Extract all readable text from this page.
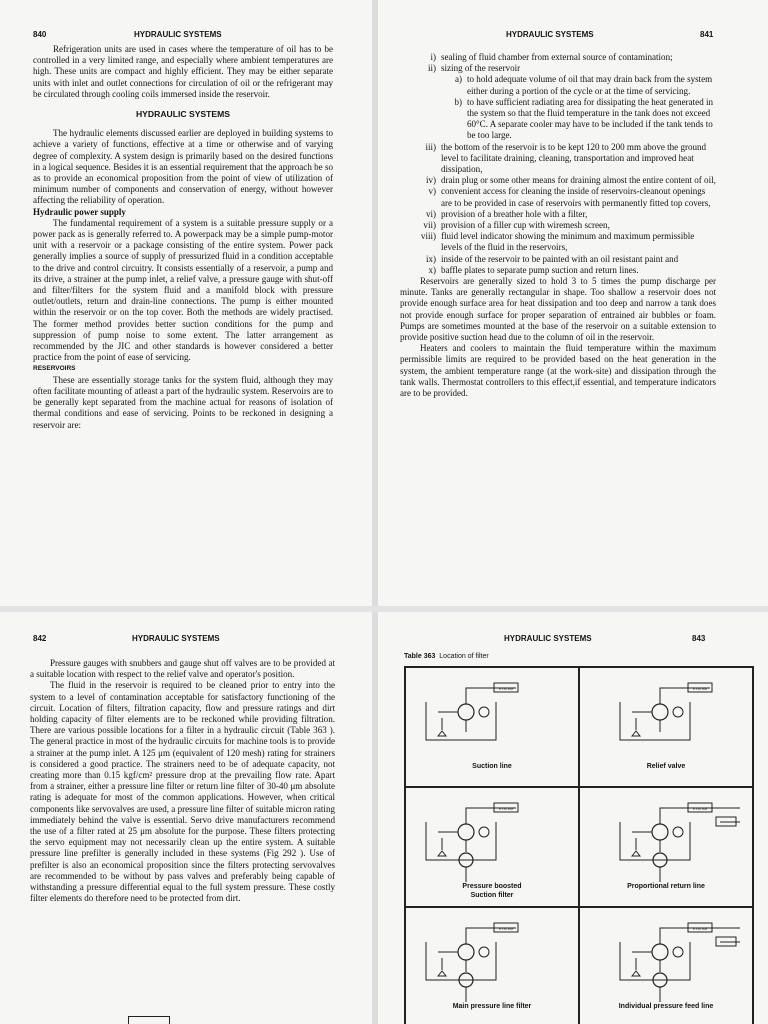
840	HYDRAULIC SYSTEMS

Refrigeration units are used in cases where the temperature of oil has to be controlled in a very limited range, and especially where ambient temperatures are high. These units are compact and highly efficient. They may be either separate units with inlet and outlet connections for circulation of oil or the refrigerant may be circulated through cooling coils immersed inside the reservoir.

HYDRAULIC SYSTEMS

The hydraulic elements discussed earlier are deployed in building systems to achieve a variety of functions, effective at a time or otherwise and of varying degree of complexity. A system design is primarily based on the desired functions in a logical sequence. Besides it is an essential requirement that the approach be so as to provide an economical proposition from the point of view of utilization of minimum number of components and conservation of energy, without however affecting the reliability of operation.

Hydraulic power supply

The fundamental requirement of a system is a suitable pressure supply or a power pack as is generally referred to. A powerpack may be a simple pump-motor unit with a reservoir or a package consisting of the entire system. Power pack generally implies a source of supply of pressurized fluid in a condition acceptable to the drive and control circuitry. It consists essentially of a reservoir, a pump and its drive, a strainer at the pump inlet, a relief valve, a pressure gauge with shut-off and filter/filters for the system fluid and a manifold block with pressure outlet/outlets, return and drain-line connections. The pump is either mounted within the reservoir or on the top cover. Both the methods are widely practised. The former method provides better suction conditions for the pump and suppression of pump noise to some extent. The latter arrangement as recommended by the JIC and other standards is however considered a better practice from the point of ease of servicing.

RESERVOIRS

These are essentially storage tanks for the system fluid, although they may often facilitate mounting of atleast a part of the hydraulic system. Reservoirs are to be generally kept separated from the machine actual for reasons of isolation of thermal conditions and ease of servicing. Points to be reckoned in designing a reservoir are:

HYDRAULIC SYSTEMS	841
i) sealing of fluid chamber from external source of contamination;
ii) sizing of the reservoir
a) to hold adequate volume of oil that may drain back from the system either during a portion of the cycle or at the time of servicing.
b) to have sufficient radiating area for dissipating the heat generated in the system so that the fluid temperature in the tank does not exceed 60°C. A separate cooler may have to be included if the tank tends to be too large.
iii) the bottom of the reservoir is to be kept 120 to 200 mm above the ground level to facilitate draining, cleaning, transportation and improved heat dissipation,
iv) drain plug or some other means for draining almost the entire content of oil,
v) convenient access for cleaning the inside of reservoirs-cleanout openings are to be provided in case of reservoirs with permanently fitted top covers,
vi) provision of a breather hole with a filter,
vii) provision of a filler cup with wiremesh screen,
viii) fluid level indicator showing the minimum and maximum permissible levels of the fluid in the reservoirs,
ix) inside of the reservoir to be painted with an oil resistant paint and
x) baffle plates to separate pump suction and return lines.

Reservoirs are generally sized to hold 3 to 5 times the pump discharge per minute. Tanks are generally rectangular in shape. Too shallow a reservoir does not provide enough surface area for heat dissipation and too deep and narrow a tank does not provide enough surface for proper separation of entrained air bubbles or foam. Pumps are sometimes mounted at the base of the reservoir on a suitable extension to provide positive suction head due to the column of oil in the reservoir.

Heaters and coolers to maintain the fluid temperature within the maximum permissible limits are required to be provided based on the heat generation in the system, the ambient temperature range (at the work-site) and dissipation through the tank walls. Thermostat controllers to this effect,if essential, and temperature indicators are to be provided.

842	HYDRAULIC SYSTEMS

Pressure gauges with snubbers and gauge shut off valves are to be provided at a suitable location with respect to the relief valve and operator's position.

The fluid in the reservoir is required to be cleaned prior to entry into the system to a level of contamination acceptable for satisfactory functioning of the circuit. Location of filters, filtration capacity, flow and pressure ratings and dirt holding capacity of filter elements are to be reckoned while providing filtration. There are various possible locations for a filter in a hydraulic circuit (Table 363 ). The general practice in most of the hydraulic circuits for machine tools is to provide a strainer at the pump inlet. A 125 μm (equivalent of 120 mesh) rating for strainers is considered a good practice. The strainers need to be of adequate capacity, not creating more than 0.15 kgf/cm² pressure drop at the prevailing flow rate. Apart from a strainer, either a pressure line filter or return line filter of 30-40 μm absolute rating is adequate for most of the common applications. However, when critical components like servovalves are used, a pressure line filter of suitable micron rating immediately behind the valve is essential. Servo drive manufacturers recommend the use of a filter rated at 25 μm absolute for the purpose. These filters protecting the servo equipment may not necessarily clean up the entire system. A suitable pressure line prefilter is generally included in these systems (Fig 292 ). Use of prefilter is also an economical proposition since the filters protecting servovalves are recommended to be without by pass valves and preferably being capable of withstanding a pressure differential equal to the full system pressure. These costly filter elements do therefore need to be protected from dirt.

HYDRAULIC SYSTEMS	843
Table 363 Location of filter
SYSTEM
Suction line
SYSTEM
Relief valve
SYSTEM
Pressure boosted
Suction filter
SYSTEM
Proportional return line
SYSTEM
Main pressure line filter
SYSTEM
Individual pressure feed line
